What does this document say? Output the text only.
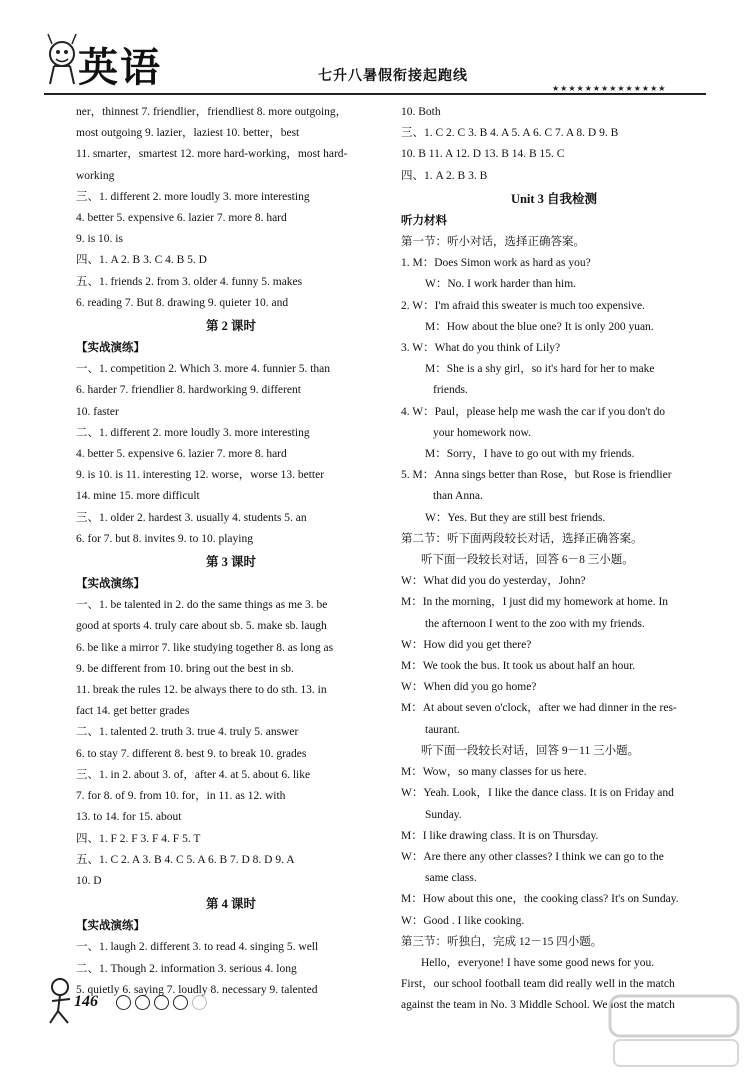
英语	七升八暑假衔接起跑线
★★★★★★★★★★★★★★
ner，thinnest 7. friendlier，friendliest 8. more outgoing，
most outgoing 9. lazier，laziest 10. better，best
11. smarter，smartest 12. more hard-working，most hard-
working
三、1. different 2. more loudly 3. more interesting
4. better 5. expensive 6. lazier 7. more 8. hard
9. is 10. is
四、1. A 2. B 3. C 4. B 5. D
五、1. friends 2. from 3. older 4. funny 5. makes
6. reading 7. But 8. drawing 9. quieter 10. and
第 2 课时
【实战演练】
一、1. competition 2. Which 3. more 4. funnier 5. than
6. harder 7. friendlier 8. hardworking 9. different
10. faster
二、1. different 2. more loudly 3. more interesting
4. better 5. expensive 6. lazier 7. more 8. hard
9. is 10. is 11. interesting 12. worse，worse 13. better
14. mine 15. more difficult
三、1. older 2. hardest 3. usually 4. students 5. an
6. for 7. but 8. invites 9. to 10. playing
第 3 课时
【实战演练】
一、1. be talented in 2. do the same things as me 3. be
good at sports 4. truly care about sb. 5. make sb. laugh
6. be like a mirror 7. like studying together 8. as long as
9. be different from 10. bring out the best in sb.
11. break the rules 12. be always there to do sth. 13. in
fact 14. get better grades
二、1. talented 2. truth 3. true 4. truly 5. answer
6. to stay 7. different 8. best 9. to break 10. grades
三、1. in 2. about 3. of，after 4. at 5. about 6. like
7. for 8. of 9. from 10. for，in 11. as 12. with
13. to 14. for 15. about
四、1. F 2. F 3. F 4. F 5. T
五、1. C 2. A 3. B 4. C 5. A 6. B 7. D 8. D 9. A
10. D
第 4 课时
【实战演练】
一、1. laugh 2. different 3. to read 4. singing 5. well
二、1. Though 2. information 3. serious 4. long
5. quietly 6. saying 7. loudly 8. necessary 9. talented
10. Both
三、1. C 2. C 3. B 4. A 5. A 6. C 7. A 8. D 9. B
10. B 11. A 12. D 13. B 14. B 15. C
四、1. A 2. B 3. B
Unit 3 自我检测
听力材料
第一节：听小对话，选择正确答案。
1. M：Does Simon work as hard as you?
W：No. I work harder than him.
2. W：I'm afraid this sweater is much too expensive.
M：How about the blue one? It is only 200 yuan.
3. W：What do you think of Lily?
M：She is a shy girl，so it's hard for her to make
friends.
4. W：Paul，please help me wash the car if you don't do
your homework now.
M：Sorry，I have to go out with my friends.
5. M：Anna sings better than Rose，but Rose is friendlier
than Anna.
W：Yes. But they are still best friends.
第二节：听下面两段较长对话，选择正确答案。
听下面一段较长对话，回答 6－8 三小题。
W：What did you do yesterday，John?
M：In the morning，I just did my homework at home. In
the afternoon I went to the zoo with my friends.
W：How did you get there?
M：We took the bus. It took us about half an hour.
W：When did you go home?
M：At about seven o'clock，after we had dinner in the res-
taurant.
听下面一段较长对话，回答 9－11 三小题。
M：Wow，so many classes for us here.
W：Yeah. Look，I like the dance class. It is on Friday and
Sunday.
M：I like drawing class. It is on Thursday.
W：Are there any other classes? I think we can go to the
same class.
M：How about this one，the cooking class? It's on Sunday.
W：Good . I like cooking.
第三节：听独白，完成 12－15 四小题。
Hello，everyone! I have some good news for you.
First，our school football team did really well in the match
against the team in No. 3 Middle School. We lost the match
146
